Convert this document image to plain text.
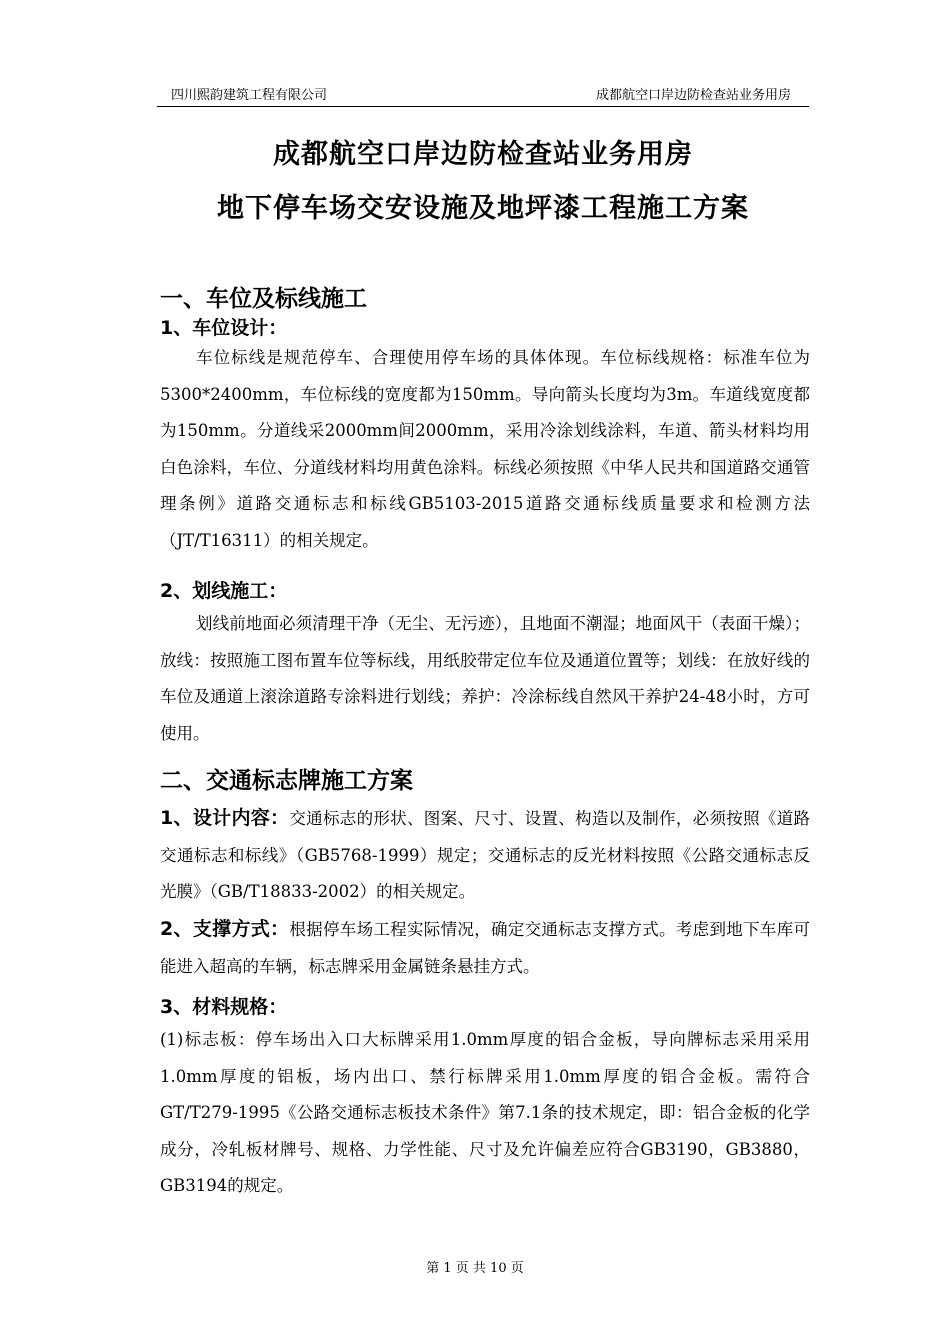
四川熙韵建筑工程有限公司	成都航空口岸边防检查站业务用房
成都航空口岸边防检查站业务用房
地下停车场交安设施及地坪漆工程施工方案
一、车位及标线施工
1、车位设计：
车位标线是规范停车、合理使用停车场的具体体现。车位标线规格：标准车位为5300*2400mm，车位标线的宽度都为150mm。导向箭头长度均为3m。车道线宽度都为150mm。分道线采2000mm间2000mm，采用冷涂划线涂料，车道、箭头材料均用白色涂料，车位、分道线材料均用黄色涂料。标线必须按照《中华人民共和国道路交通管理条例》道路交通标志和标线GB5103-2015道路交通标线质量要求和检测方法（JT/T16311）的相关规定。
2、划线施工：
划线前地面必须清理干净（无尘、无污迹），且地面不潮湿；地面风干（表面干燥）；放线：按照施工图布置车位等标线，用纸胶带定位车位及通道位置等；划线：在放好线的车位及通道上滚涂道路专涂料进行划线；养护：冷涂标线自然风干养护24-48小时，方可使用。
二、交通标志牌施工方案
1、设计内容：交通标志的形状、图案、尺寸、设置、构造以及制作，必须按照《道路交通标志和标线》（GB5768-1999）规定；交通标志的反光材料按照《公路交通标志反光膜》（GB/T18833-2002）的相关规定。
2、支撑方式：根据停车场工程实际情况，确定交通标志支撑方式。考虑到地下车库可能进入超高的车辆，标志牌采用金属链条悬挂方式。
3、材料规格：
(1)标志板：停车场出入口大标牌采用1.0mm厚度的铝合金板，导向牌标志采用采用1.0mm厚度的铝板，场内出口、禁行标牌采用1.0mm厚度的铝合金板。需符合GT/T279-1995《公路交通标志板技术条件》第7.1条的技术规定，即：铝合金板的化学成分，冷轧板材牌号、规格、力学性能、尺寸及允许偏差应符合GB3190，GB3880，GB3194的规定。
第 1 页 共 10 页
